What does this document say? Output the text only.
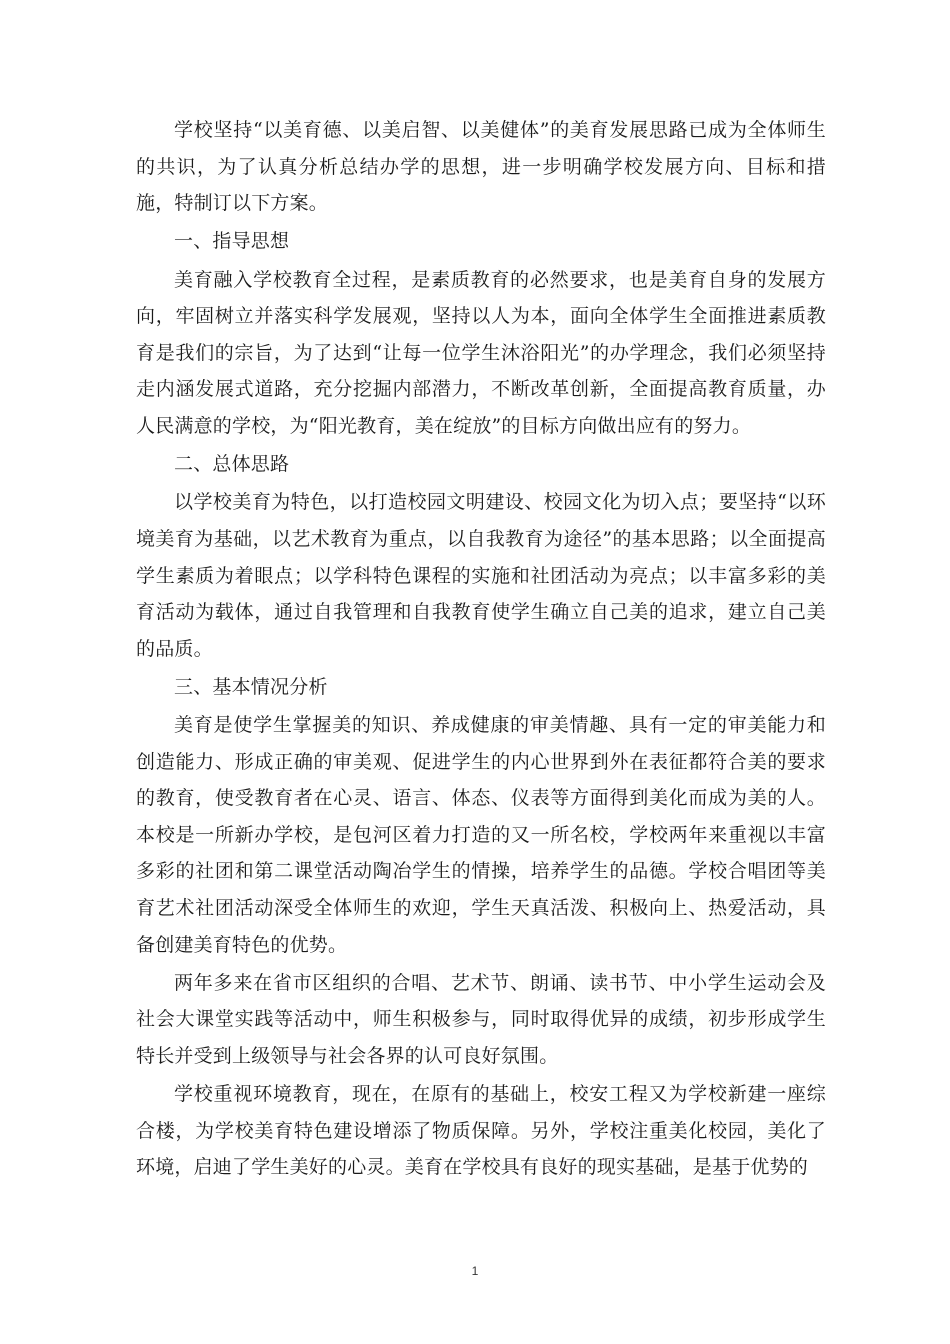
学校坚持“以美育德、以美启智、以美健体”的美育发展思路已成为全体师生的共识，为了认真分析总结办学的思想，进一步明确学校发展方向、目标和措施，特制订以下方案。

一、指导思想

美育融入学校教育全过程，是素质教育的必然要求，也是美育自身的发展方向，牢固树立并落实科学发展观，坚持以人为本，面向全体学生全面推进素质教育是我们的宗旨，为了达到“让每一位学生沐浴阳光”的办学理念，我们必须坚持走内涵发展式道路，充分挖掘内部潜力，不断改革创新，全面提高教育质量，办人民满意的学校，为“阳光教育，美在绽放”的目标方向做出应有的努力。

二、总体思路

以学校美育为特色，以打造校园文明建设、校园文化为切入点；要坚持“以环境美育为基础，以艺术教育为重点，以自我教育为途径”的基本思路；以全面提高学生素质为着眼点；以学科特色课程的实施和社团活动为亮点；以丰富多彩的美育活动为载体，通过自我管理和自我教育使学生确立自己美的追求，建立自己美的品质。

三、基本情况分析

美育是使学生掌握美的知识、养成健康的审美情趣、具有一定的审美能力和创造能力、形成正确的审美观、促进学生的内心世界到外在表征都符合美的要求的教育，使受教育者在心灵、语言、体态、仪表等方面得到美化而成为美的人。本校是一所新办学校，是包河区着力打造的又一所名校，学校两年来重视以丰富多彩的社团和第二课堂活动陶冶学生的情操，培养学生的品德。学校合唱团等美育艺术社团活动深受全体师生的欢迎，学生天真活泼、积极向上、热爱活动，具备创建美育特色的优势。

两年多来在省市区组织的合唱、艺术节、朗诵、读书节、中小学生运动会及社会大课堂实践等活动中，师生积极参与，同时取得优异的成绩，初步形成学生特长并受到上级领导与社会各界的认可良好氛围。

学校重视环境教育，现在，在原有的基础上，校安工程又为学校新建一座综合楼，为学校美育特色建设增添了物质保障。另外，学校注重美化校园，美化了环境，启迪了学生美好的心灵。美育在学校具有良好的现实基础，是基于优势的

1
